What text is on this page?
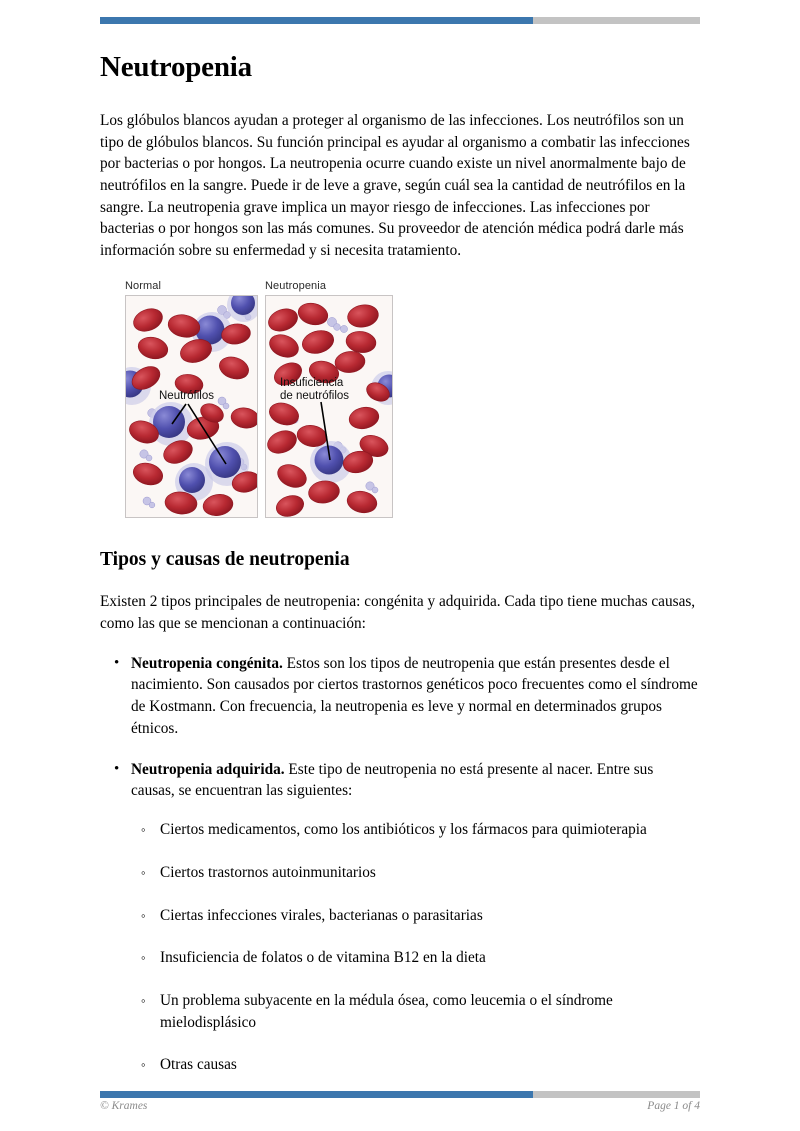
Neutropenia

Los glóbulos blancos ayudan a proteger al organismo de las infecciones. Los neutrófilos son un tipo de glóbulos blancos. Su función principal es ayudar al organismo a combatir las infecciones por bacterias o por hongos. La neutropenia ocurre cuando existe un nivel anormalmente bajo de neutrófilos en la sangre. Puede ir de leve a grave, según cuál sea la cantidad de neutrófilos en la sangre. La neutropenia grave implica un mayor riesgo de infecciones. Las infecciones por bacterias o por hongos son las más comunes. Su proveedor de atención médica podrá darle más información sobre su enfermedad y si necesita tratamiento.

Normal
Neutrófilos
Neutropenia
Insuficiencia
de neutrófilos
Tipos y causas de neutropenia

Existen 2 tipos principales de neutropenia: congénita y adquirida. Cada tipo tiene muchas causas, como las que se mencionan a continuación:

• Neutropenia congénita. Estos son los tipos de neutropenia que están presentes desde el nacimiento. Son causados por ciertos trastornos genéticos poco frecuentes como el síndrome de Kostmann. Con frecuencia, la neutropenia es leve y normal en determinados grupos étnicos.
• Neutropenia adquirida. Este tipo de neutropenia no está presente al nacer. Entre sus causas, se encuentran las siguientes:
◦ Ciertos medicamentos, como los antibióticos y los fármacos para quimioterapia
◦ Ciertos trastornos autoinmunitarios
◦ Ciertas infecciones virales, bacterianas o parasitarias
◦ Insuficiencia de folatos o de vitamina B12 en la dieta
◦ Un problema subyacente en la médula ósea, como leucemia o el síndrome mielodisplásico
◦ Otras causas
© Krames	Page 1 of 4
